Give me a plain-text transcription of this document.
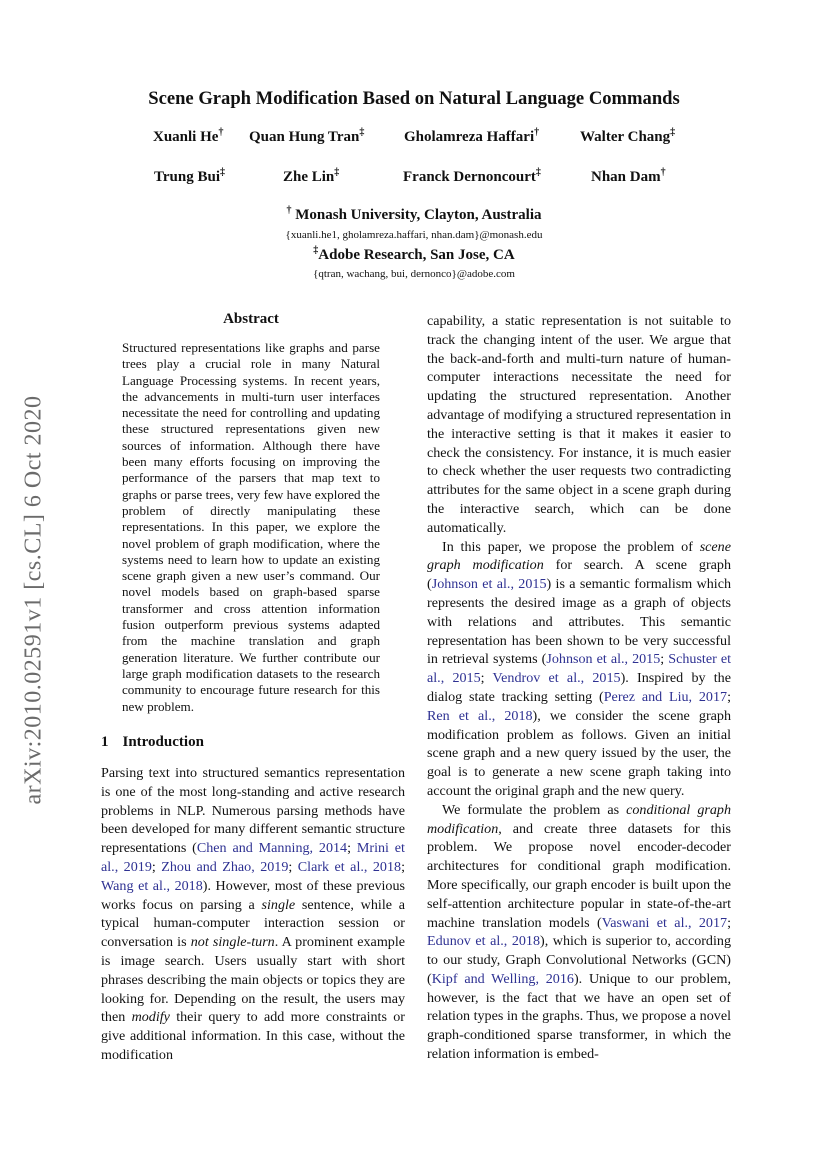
arXiv:2010.02591v1 [cs.CL] 6 Oct 2020
Scene Graph Modification Based on Natural Language Commands
Xuanli He† Quan Hung Tran‡	Gholamreza Haffari†	Walter Chang‡
Trung Bui‡	Zhe Lin‡	Franck Dernoncourt‡	Nhan Dam†
† Monash University, Clayton, Australia
{xuanli.he1, gholamreza.haffari, nhan.dam}@monash.edu
‡Adobe Research, San Jose, CA
{qtran, wachang, bui, dernonco}@adobe.com
Abstract
Structured representations like graphs and parse trees play a crucial role in many Natural Language Processing systems. In recent years, the advancements in multi-turn user interfaces necessitate the need for controlling and updating these structured representations given new sources of information. Although there have been many efforts focusing on improving the performance of the parsers that map text to graphs or parse trees, very few have explored the problem of directly manipulating these representations. In this paper, we explore the novel problem of graph modification, where the systems need to learn how to update an existing scene graph given a new user’s command. Our novel models based on graph-based sparse transformer and cross attention information fusion outperform previous systems adapted from the machine translation and graph generation literature. We further contribute our large graph modification datasets to the research community to encourage future research for this new problem.
1 Introduction

Parsing text into structured semantics representation is one of the most long-standing and active research problems in NLP. Numerous parsing methods have been developed for many different semantic structure representations (Chen and Manning, 2014; Mrini et al., 2019; Zhou and Zhao, 2019; Clark et al., 2018; Wang et al., 2018). However, most of these previous works focus on parsing a single sentence, while a typical human-computer interaction session or conversation is not single-turn. A prominent example is image search. Users usually start with short phrases describing the main objects or topics they are looking for. Depending on the result, the users may then modify their query to add more constraints or give additional information. In this case, without the modification

capability, a static representation is not suitable to track the changing intent of the user. We argue that the back-and-forth and multi-turn nature of human-computer interactions necessitate the need for updating the structured representation. Another advantage of modifying a structured representation in the interactive setting is that it makes it easier to check the consistency. For instance, it is much easier to check whether the user requests two contradicting attributes for the same object in a scene graph during the interactive search, which can be done automatically.

In this paper, we propose the problem of scene graph modification for search. A scene graph (Johnson et al., 2015) is a semantic formalism which represents the desired image as a graph of objects with relations and attributes. This semantic representation has been shown to be very successful in retrieval systems (Johnson et al., 2015; Schuster et al., 2015; Vendrov et al., 2015). Inspired by the dialog state tracking setting (Perez and Liu, 2017; Ren et al., 2018), we consider the scene graph modification problem as follows. Given an initial scene graph and a new query issued by the user, the goal is to generate a new scene graph taking into account the original graph and the new query.

We formulate the problem as conditional graph modification, and create three datasets for this problem. We propose novel encoder-decoder architectures for conditional graph modification. More specifically, our graph encoder is built upon the self-attention architecture popular in state-of-the-art machine translation models (Vaswani et al., 2017; Edunov et al., 2018), which is superior to, according to our study, Graph Convolutional Networks (GCN) (Kipf and Welling, 2016). Unique to our problem, however, is the fact that we have an open set of relation types in the graphs. Thus, we propose a novel graph-conditioned sparse transformer, in which the relation information is embed-
